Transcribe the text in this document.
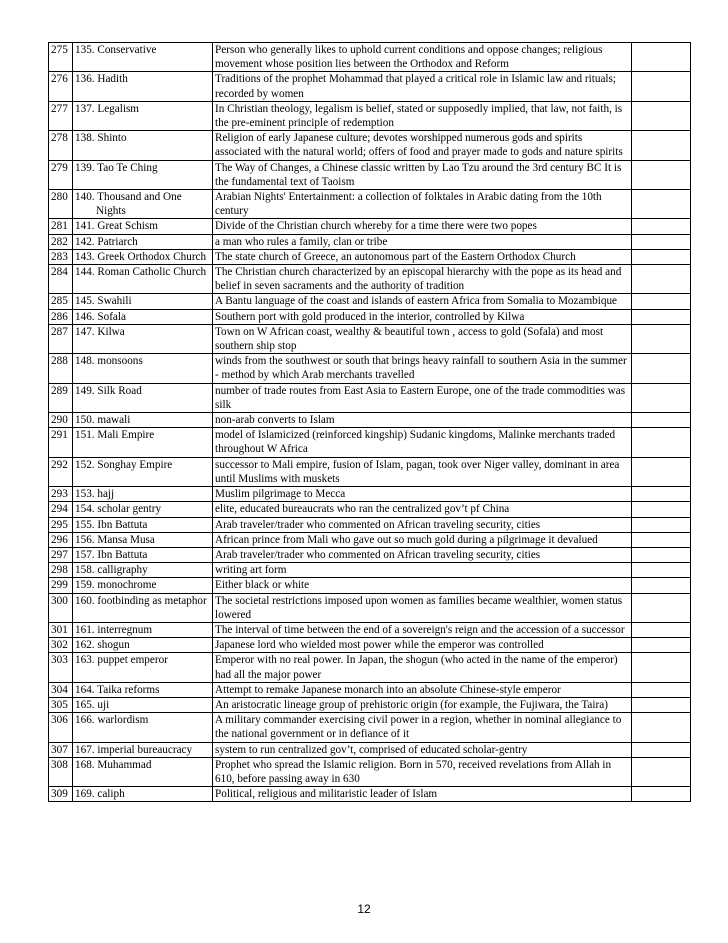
275	135. Conservative	Person who generally likes to uphold current conditions and oppose changes; religious movement whose position lies between the Orthodox and Reform	
276	136. Hadith	Traditions of the prophet Mohammad that played a critical role in Islamic law and rituals; recorded by women	
277	137. Legalism	In Christian theology, legalism is belief, stated or supposedly implied, that law, not faith, is the pre-eminent principle of redemption	
278	138. Shinto	Religion of early Japanese culture; devotes worshipped numerous gods and spirits associated with the natural world; offers of food and prayer made to gods and nature spirits	
279	139. Tao Te Ching	The Way of Changes, a Chinese classic written by Lao Tzu around the 3rd century BC It is the fundamental text of Taoism	
280	140. Thousand and One Nights	Arabian Nights' Entertainment: a collection of folktales in Arabic dating from the 10th century	
281	141. Great Schism	Divide of the Christian church whereby for a time there were two popes	
282	142. Patriarch	a man who rules a family, clan or tribe	
283	143. Greek Orthodox Church	The state church of Greece, an autonomous part of the Eastern Orthodox Church	
284	144. Roman Catholic Church	The Christian church characterized by an episcopal hierarchy with the pope as its head and belief in seven sacraments and the authority of tradition	
285	145. Swahili	A Bantu language of the coast and islands of eastern Africa from Somalia to Mozambique	
286	146. Sofala	Southern port with gold produced in the interior, controlled by Kilwa	
287	147. Kilwa	Town on W African coast, wealthy & beautiful town , access to gold (Sofala) and most southern ship stop	
288	148. monsoons	winds from the southwest or south that brings heavy rainfall to southern Asia in the summer - method by which Arab merchants travelled	
289	149. Silk Road	number of trade routes from East Asia to Eastern Europe, one of the trade commodities was silk	
290	150. mawali	non-arab converts to Islam	
291	151. Mali Empire	model of Islamicized (reinforced kingship) Sudanic kingdoms, Malinke merchants traded throughout W Africa	
292	152. Songhay Empire	successor to Mali empire, fusion of Islam, pagan, took over Niger valley, dominant in area until Muslims with muskets	
293	153. hajj	Muslim pilgrimage to Mecca	
294	154. scholar gentry	elite, educated bureaucrats who ran the centralized gov’t pf China	
295	155. Ibn Battuta	Arab traveler/trader who commented on African traveling security, cities	
296	156. Mansa Musa	African prince from Mali who gave out so much gold during a pilgrimage it devalued	
297	157. Ibn Battuta	Arab traveler/trader who commented on African traveling security, cities	
298	158. calligraphy	writing art form	
299	159. monochrome	Either black or white	
300	160. footbinding as metaphor	The societal restrictions imposed upon women as families became wealthier, women status lowered	
301	161. interregnum	The interval of time between the end of a sovereign's reign and the accession of a successor	
302	162. shogun	Japanese lord who wielded most power while the emperor was controlled	
303	163. puppet emperor	Emperor with no real power. In Japan, the shogun (who acted in the name of the emperor) had all the major power	
304	164. Taika reforms	Attempt to remake Japanese monarch into an absolute Chinese-style emperor	
305	165. uji	An aristocratic lineage group of prehistoric origin (for example, the Fujiwara, the Taira)	
306	166. warlordism	A military commander exercising civil power in a region, whether in nominal allegiance to the national government or in defiance of it	
307	167. imperial bureaucracy	system to run centralized gov’t, comprised of educated scholar-gentry	
308	168. Muhammad	Prophet who spread the Islamic religion. Born in 570, received revelations from Allah in 610, before passing away in 630	
309	169. caliph	Political, religious and militaristic leader of Islam	
12
